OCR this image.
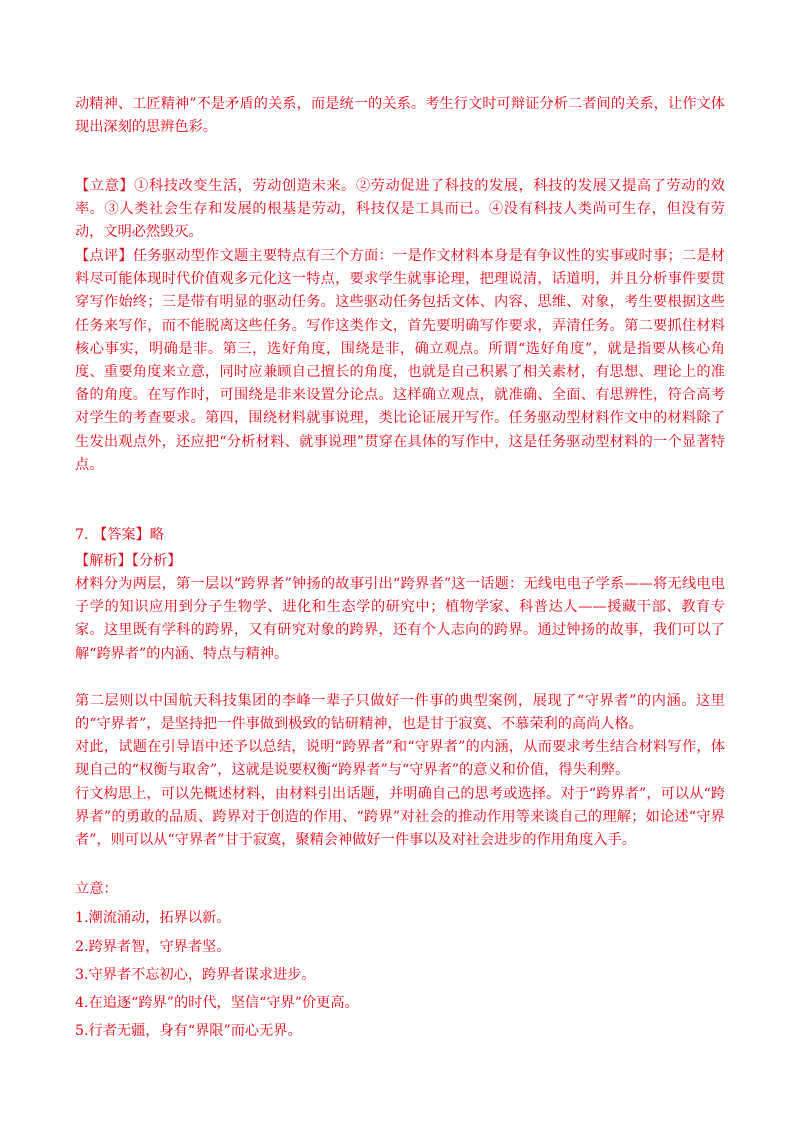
动精神、工匠精神”不是矛盾的关系，而是统一的关系。考生行文时可辩证分析二者间的关系，让作文体现出深刻的思辨色彩。
【立意】①科技改变生活，劳动创造未来。②劳动促进了科技的发展，科技的发展又提高了劳动的效率。③人类社会生存和发展的根基是劳动，科技仅是工具而已。④没有科技人类尚可生存，但没有劳动，文明必然毁灭。
【点评】任务驱动型作文题主要特点有三个方面：一是作文材料本身是有争议性的实事或时事；二是材料尽可能体现时代价值观多元化这一特点，要求学生就事论理，把理说清，话道明，并且分析事件要贯穿写作始终；三是带有明显的驱动任务。这些驱动任务包括文体、内容、思维、对象，考生要根据这些任务来写作，而不能脱离这些任务。写作这类作文，首先要明确写作要求，弄清任务。第二要抓住材料核心事实，明确是非。第三，选好角度，围绕是非，确立观点。所谓“选好角度”，就是指要从核心角度、重要角度来立意，同时应兼顾自己擅长的角度，也就是自己积累了相关素材，有思想、理论上的准备的角度。在写作时，可围绕是非来设置分论点。这样确立观点，就准确、全面、有思辨性，符合高考对学生的考查要求。第四，围绕材料就事说理，类比论证展开写作。任务驱动型材料作文中的材料除了生发出观点外，还应把“分析材料、就事说理”贯穿在具体的写作中，这是任务驱动型材料的一个显著特点。
7. 【答案】略
【解析】【分析】
材料分为两层，第一层以“跨界者”钟扬的故事引出“跨界者”这一话题：无线电电子学系——将无线电电子学的知识应用到分子生物学、进化和生态学的研究中；植物学家、科普达人——援藏干部、教育专家。这里既有学科的跨界，又有研究对象的跨界，还有个人志向的跨界。通过钟扬的故事，我们可以了解“跨界者”的内涵、特点与精神。
第二层则以中国航天科技集团的李峰一辈子只做好一件事的典型案例，展现了“守界者”的内涵。这里的“守界者”，是坚持把一件事做到极致的钻研精神，也是甘于寂寞、不慕荣利的高尚人格。
对此，试题在引导语中还予以总结，说明“跨界者”和“守界者”的内涵，从而要求考生结合材料写作，体现自己的“权衡与取舍”，这就是说要权衡“跨界者”与“守界者”的意义和价值，得失利弊。
行文构思上，可以先概述材料，由材料引出话题，并明确自己的思考或选择。对于“跨界者”，可以从“跨界者”的勇敢的品质、跨界对于创造的作用、“跨界”对社会的推动作用等来谈自己的理解；如论述“守界者”，则可以从“守界者”甘于寂寞，聚精会神做好一件事以及对社会进步的作用角度入手。
立意：
1.潮流涌动，拓界以新。
2.跨界者智，守界者坚。
3.守界者不忘初心，跨界者谋求进步。
4.在追逐“跨界”的时代，坚信“守界”价更高。
5.行者无疆，身有“界限”而心无界。
